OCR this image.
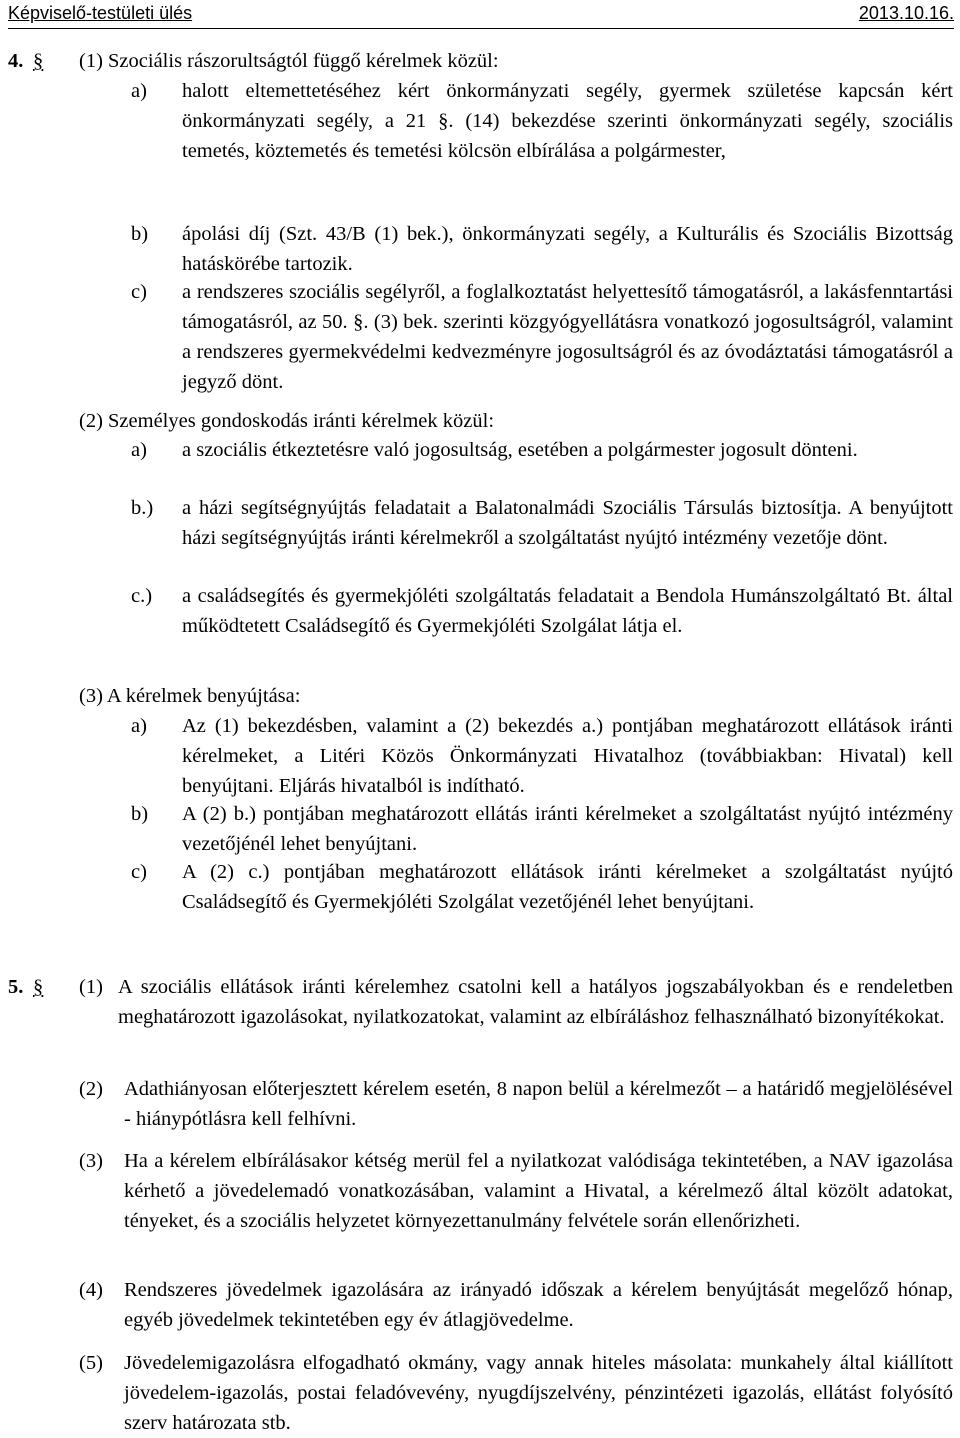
Képviselő-testületi ülés	2013.10.16.
4. § (1) Szociális rászorultságtól függő kérelmek közül:
a) halott eltemettetéséhez kért önkormányzati segély, gyermek születése kapcsán kért önkormányzati segély, a 21 §. (14) bekezdése szerinti önkormányzati segély, szociális temetés, köztemetés és temetési kölcsön elbírálása a polgármester,
b) ápolási díj (Szt. 43/B (1) bek.), önkormányzati segély, a Kulturális és Szociális Bizottság hatáskörébe tartozik.
c) a rendszeres szociális segélyről, a foglalkoztatást helyettesítő támogatásról, a lakásfenntartási támogatásról, az 50. §. (3) bek. szerinti közgyógyellátásra vonatkozó jogosultságról, valamint a rendszeres gyermekvédelmi kedvezményre jogosultságról és az óvodáztatási támogatásról a jegyző dönt.
(2) Személyes gondoskodás iránti kérelmek közül:
a) a szociális étkeztetésre való jogosultság, esetében a polgármester jogosult dönteni.
b.) a házi segítségnyújtás feladatait a Balatonalmádi Szociális Társulás biztosítja. A benyújtott házi segítségnyújtás iránti kérelmekről a szolgáltatást nyújtó intézmény vezetője dönt.
c.) a családsegítés és gyermekjóléti szolgáltatás feladatait a Bendola Humánszolgáltató Bt. által működtetett Családsegítő és Gyermekjóléti Szolgálat látja el.
(3) A kérelmek benyújtása:
a) Az (1) bekezdésben, valamint a (2) bekezdés a.) pontjában meghatározott ellátások iránti kérelmeket, a Litéri Közös Önkormányzati Hivatalhoz (továbbiakban: Hivatal) kell benyújtani. Eljárás hivatalból is indítható.
b) A (2) b.) pontjában meghatározott ellátás iránti kérelmeket a szolgáltatást nyújtó intézmény vezetőjénél lehet benyújtani.
c) A (2) c.) pontjában meghatározott ellátások iránti kérelmeket a szolgáltatást nyújtó Családsegítő és Gyermekjóléti Szolgálat vezetőjénél lehet benyújtani.
5. § (1) A szociális ellátások iránti kérelemhez csatolni kell a hatályos jogszabályokban és e rendeletben meghatározott igazolásokat, nyilatkozatokat, valamint az elbíráláshoz felhasználható bizonyítékokat.
(2) Adathiányosan előterjesztett kérelem esetén, 8 napon belül a kérelmezőt – a határidő megjelölésével - hiánypótlásra kell felhívni.
(3) Ha a kérelem elbírálásakor kétség merül fel a nyilatkozat valódisága tekintetében, a NAV igazolása kérhető a jövedelemadó vonatkozásában, valamint a Hivatal, a kérelmező által közölt adatokat, tényeket, és a szociális helyzetet környezettanulmány felvétele során ellenőrizheti.
(4) Rendszeres jövedelmek igazolására az irányadó időszak a kérelem benyújtását megelőző hónap, egyéb jövedelmek tekintetében egy év átlagjövedelme.
(5) Jövedelemigazolásra elfogadható okmány, vagy annak hiteles másolata: munkahely által kiállított jövedelem-igazolás, postai feladóvevény, nyugdíjszelvény, pénzintézeti igazolás, ellátást folyósító szerv határozata stb.
